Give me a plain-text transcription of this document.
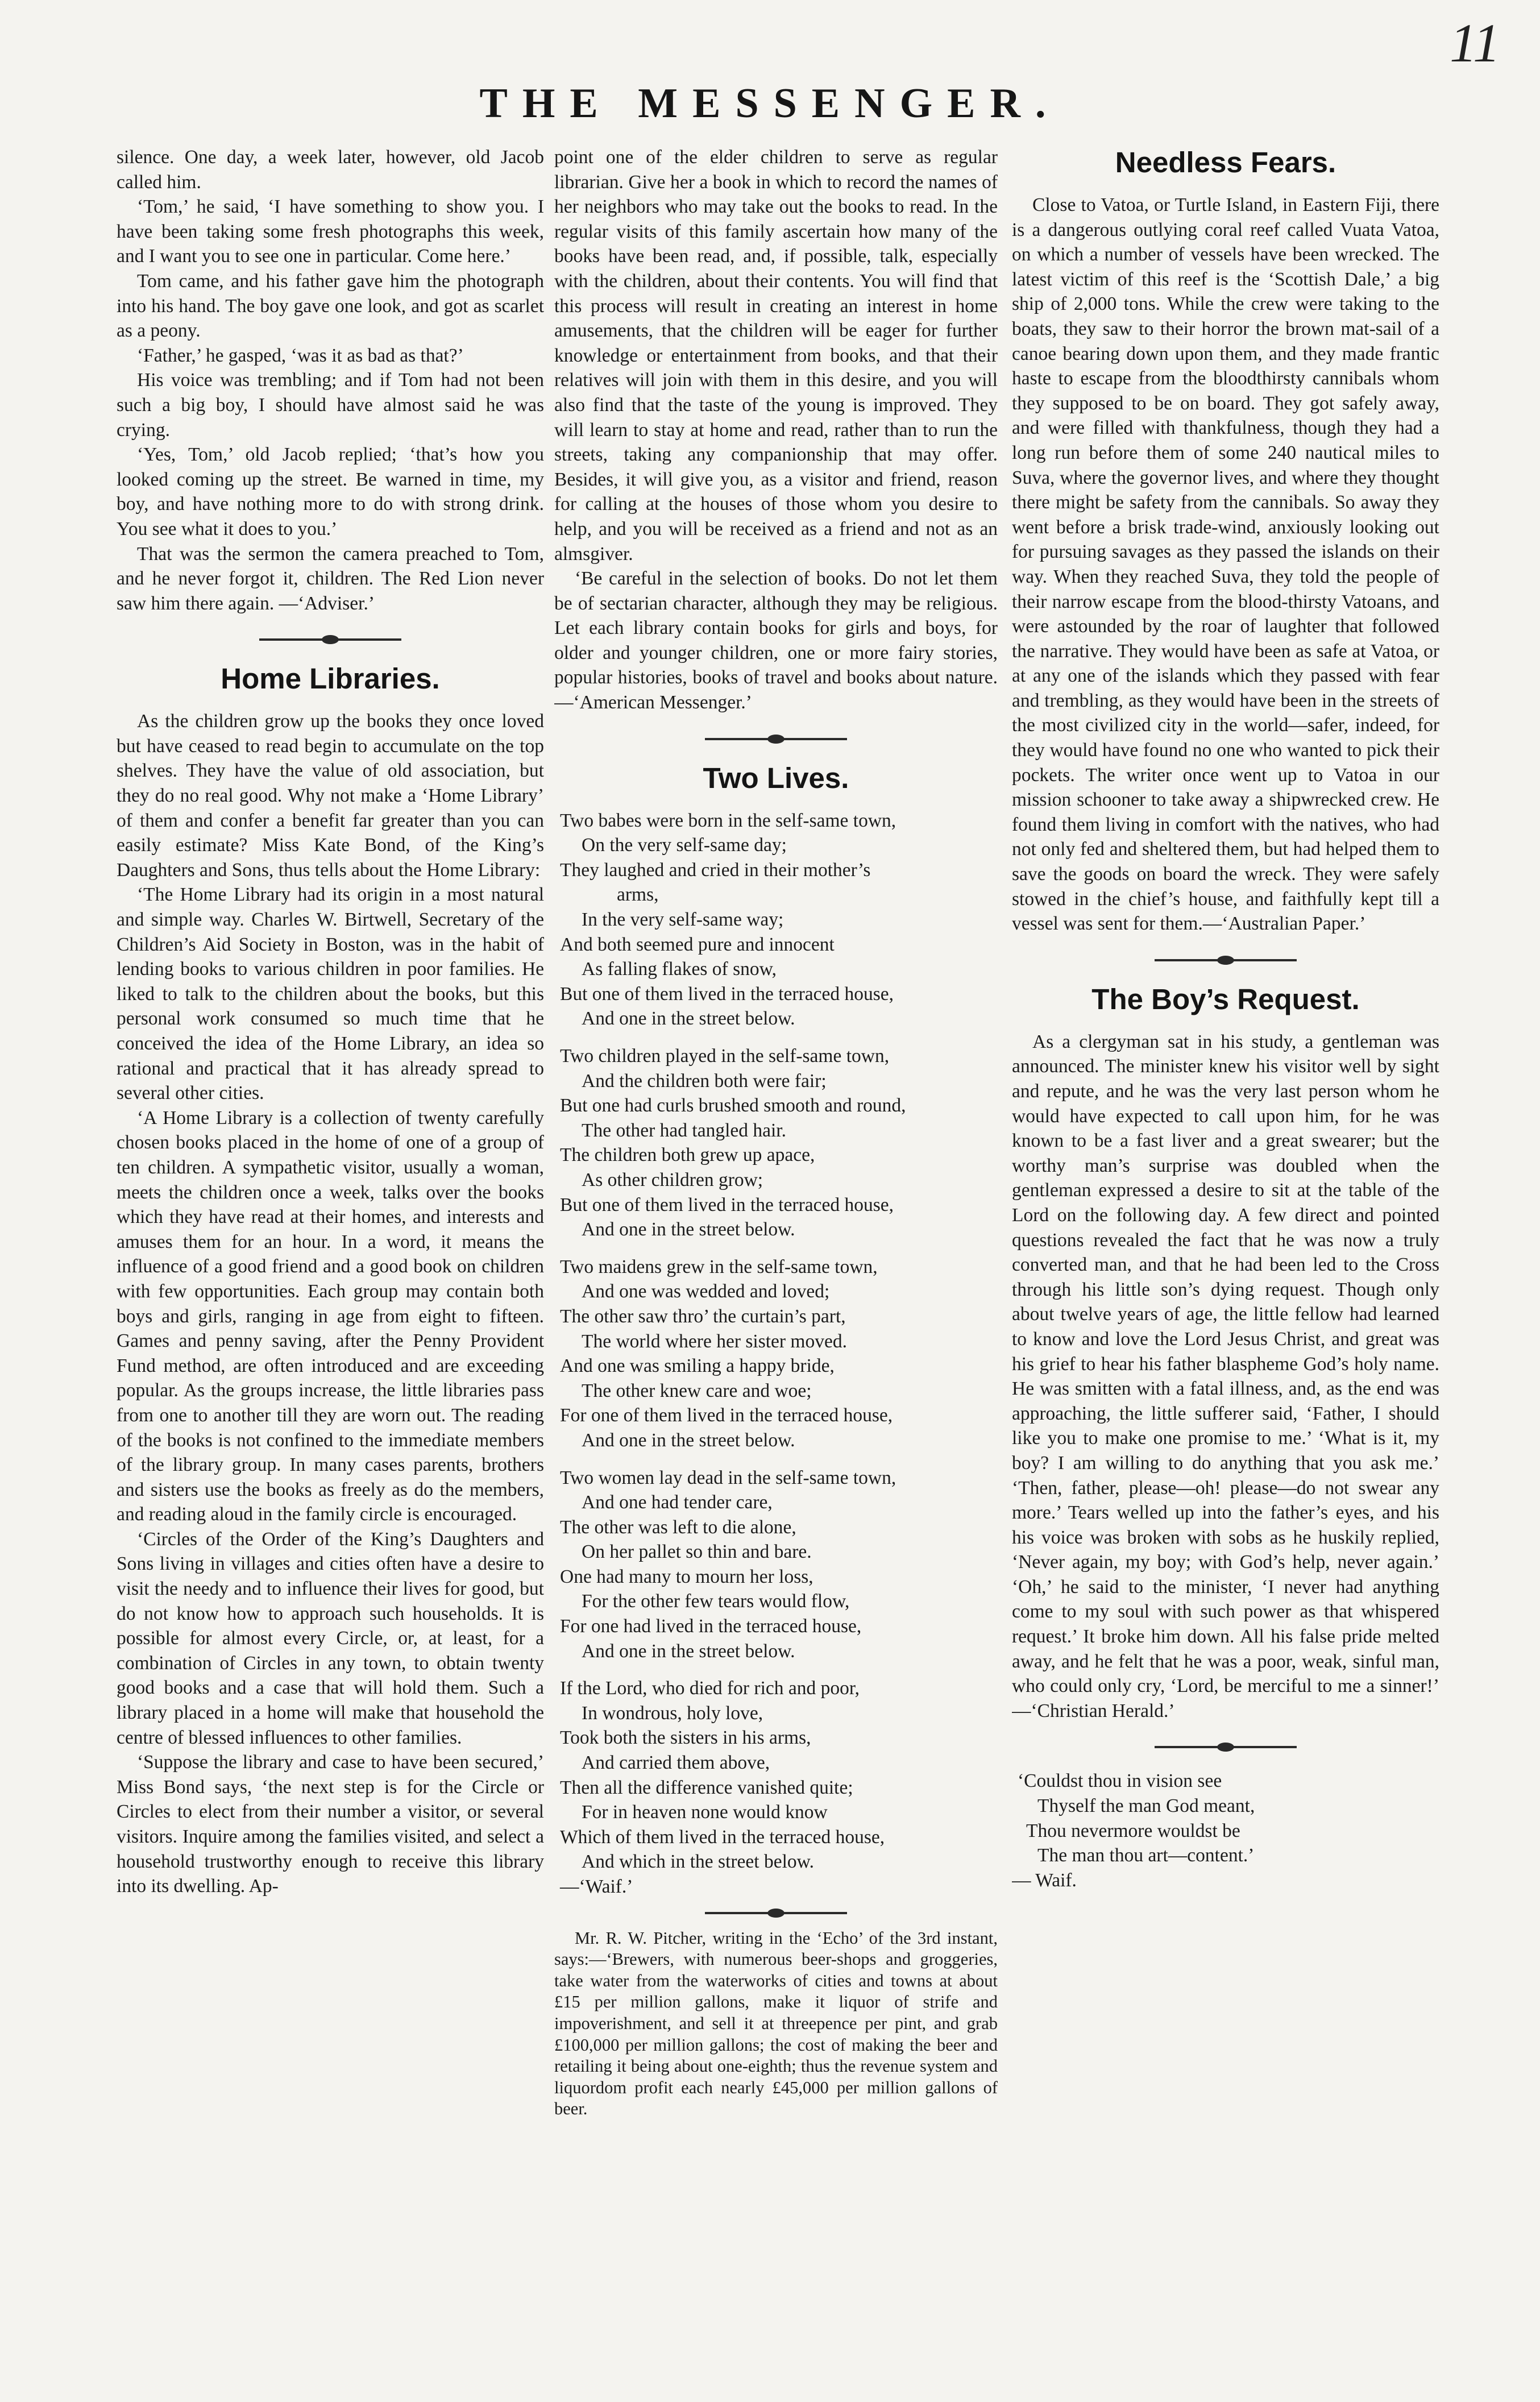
11
THE MESSENGER.

silence. One day, a week later, however, old Jacob called him.

‘Tom,’ he said, ‘I have something to show you. I have been taking some fresh photographs this week, and I want you to see one in particular. Come here.’

Tom came, and his father gave him the photograph into his hand. The boy gave one look, and got as scarlet as a peony.

‘Father,’ he gasped, ‘was it as bad as that?’

His voice was trembling; and if Tom had not been such a big boy, I should have almost said he was crying.

‘Yes, Tom,’ old Jacob replied; ‘that’s how you looked coming up the street. Be warned in time, my boy, and have nothing more to do with strong drink. You see what it does to you.’

That was the sermon the camera preached to Tom, and he never forgot it, children. The Red Lion never saw him there again. —‘Adviser.’

Home Libraries.

As the children grow up the books they once loved but have ceased to read begin to accumulate on the top shelves. They have the value of old association, but they do no real good. Why not make a ‘Home Library’ of them and confer a benefit far greater than you can easily estimate? Miss Kate Bond, of the King’s Daughters and Sons, thus tells about the Home Library:

‘The Home Library had its origin in a most natural and simple way. Charles W. Birtwell, Secretary of the Children’s Aid Society in Boston, was in the habit of lending books to various children in poor families. He liked to talk to the children about the books, but this personal work consumed so much time that he conceived the idea of the Home Library, an idea so rational and practical that it has already spread to several other cities.

‘A Home Library is a collection of twenty carefully chosen books placed in the home of one of a group of ten children. A sympathetic visitor, usually a woman, meets the children once a week, talks over the books which they have read at their homes, and interests and amuses them for an hour. In a word, it means the influence of a good friend and a good book on children with few opportunities. Each group may contain both boys and girls, ranging in age from eight to fifteen. Games and penny saving, after the Penny Provident Fund method, are often introduced and are exceeding popular. As the groups increase, the little libraries pass from one to another till they are worn out. The reading of the books is not confined to the immediate members of the library group. In many cases parents, brothers and sisters use the books as freely as do the members, and reading aloud in the family circle is encouraged.

‘Circles of the Order of the King’s Daughters and Sons living in villages and cities often have a desire to visit the needy and to influence their lives for good, but do not know how to approach such households. It is possible for almost every Circle, or, at least, for a combination of Circles in any town, to obtain twenty good books and a case that will hold them. Such a library placed in a home will make that household the centre of blessed influences to other families.

‘Suppose the library and case to have been secured,’ Miss Bond says, ‘the next step is for the Circle or Circles to elect from their number a visitor, or several visitors. Inquire among the families visited, and select a household trustworthy enough to receive this library into its dwelling. Ap-

point one of the elder children to serve as regular librarian. Give her a book in which to record the names of her neighbors who may take out the books to read. In the regular visits of this family ascertain how many of the books have been read, and, if possible, talk, especially with the children, about their contents. You will find that this process will result in creating an interest in home amusements, that the children will be eager for further knowledge or entertainment from books, and that their relatives will join with them in this desire, and you will also find that the taste of the young is improved. They will learn to stay at home and read, rather than to run the streets, taking any companionship that may offer. Besides, it will give you, as a visitor and friend, reason for calling at the houses of those whom you desire to help, and you will be received as a friend and not as an almsgiver.

‘Be careful in the selection of books. Do not let them be of sectarian character, although they may be religious. Let each library contain books for girls and boys, for older and younger children, one or more fairy stories, popular histories, books of travel and books about nature.—‘American Messenger.’

Two Lives.
Two babes were born in the self-same town,
On the very self-same day;
They laughed and cried in their mother’s
arms,
In the very self-same way;
And both seemed pure and innocent
As falling flakes of snow,
But one of them lived in the terraced house,
And one in the street below.
Two children played in the self-same town,
And the children both were fair;
But one had curls brushed smooth and round,
The other had tangled hair.
The children both grew up apace,
As other children grow;
But one of them lived in the terraced house,
And one in the street below.
Two maidens grew in the self-same town,
And one was wedded and loved;
The other saw thro’ the curtain’s part,
The world where her sister moved.
And one was smiling a happy bride,
The other knew care and woe;
For one of them lived in the terraced house,
And one in the street below.
Two women lay dead in the self-same town,
And one had tender care,
The other was left to die alone,
On her pallet so thin and bare.
One had many to mourn her loss,
For the other few tears would flow,
For one had lived in the terraced house,
And one in the street below.
If the Lord, who died for rich and poor,
In wondrous, holy love,
Took both the sisters in his arms,
And carried them above,
Then all the difference vanished quite;
For in heaven none would know
Which of them lived in the terraced house,
And which in the street below.
—‘Waif.’

Mr. R. W. Pitcher, writing in the ‘Echo’ of the 3rd instant, says:—‘Brewers, with numerous beer-shops and groggeries, take water from the waterworks of cities and towns at about £15 per million gallons, make it liquor of strife and impoverishment, and sell it at threepence per pint, and grab £100,000 per million gallons; the cost of making the beer and retailing it being about one-eighth; thus the revenue system and liquordom profit each nearly £45,000 per million gallons of beer.

Needless Fears.

Close to Vatoa, or Turtle Island, in Eastern Fiji, there is a dangerous outlying coral reef called Vuata Vatoa, on which a number of vessels have been wrecked. The latest victim of this reef is the ‘Scottish Dale,’ a big ship of 2,000 tons. While the crew were taking to the boats, they saw to their horror the brown mat-sail of a canoe bearing down upon them, and they made frantic haste to escape from the bloodthirsty cannibals whom they supposed to be on board. They got safely away, and were filled with thankfulness, though they had a long run before them of some 240 nautical miles to Suva, where the governor lives, and where they thought there might be safety from the cannibals. So away they went before a brisk trade-wind, anxiously looking out for pursuing savages as they passed the islands on their way. When they reached Suva, they told the people of their narrow escape from the blood-thirsty Vatoans, and were astounded by the roar of laughter that followed the narrative. They would have been as safe at Vatoa, or at any one of the islands which they passed with fear and trembling, as they would have been in the streets of the most civilized city in the world—safer, indeed, for they would have found no one who wanted to pick their pockets. The writer once went up to Vatoa in our mission schooner to take away a shipwrecked crew. He found them living in comfort with the natives, who had not only fed and sheltered them, but had helped them to save the goods on board the wreck. They were safely stowed in the chief’s house, and faithfully kept till a vessel was sent for them.—‘Australian Paper.’

The Boy’s Request.

As a clergyman sat in his study, a gentleman was announced. The minister knew his visitor well by sight and repute, and he was the very last person whom he would have expected to call upon him, for he was known to be a fast liver and a great swearer; but the worthy man’s surprise was doubled when the gentleman expressed a desire to sit at the table of the Lord on the following day. A few direct and pointed questions revealed the fact that he was now a truly converted man, and that he had been led to the Cross through his little son’s dying request. Though only about twelve years of age, the little fellow had learned to know and love the Lord Jesus Christ, and great was his grief to hear his father blaspheme God’s holy name. He was smitten with a fatal illness, and, as the end was approaching, the little sufferer said, ‘Father, I should like you to make one promise to me.’ ‘What is it, my boy? I am willing to do anything that you ask me.’ ‘Then, father, please—oh! please—do not swear any more.’ Tears welled up into the father’s eyes, and his his voice was broken with sobs as he huskily replied, ‘Never again, my boy; with God’s help, never again.’ ‘Oh,’ he said to the minister, ‘I never had anything come to my soul with such power as that whispered request.’ It broke him down. All his false pride melted away, and he felt that he was a poor, weak, sinful man, who could only cry, ‘Lord, be merciful to me a sinner!’ —‘Christian Herald.’

‘Couldst thou in vision see
Thyself the man God meant,
Thou nevermore wouldst be
The man thou art—content.’
— Waif.
